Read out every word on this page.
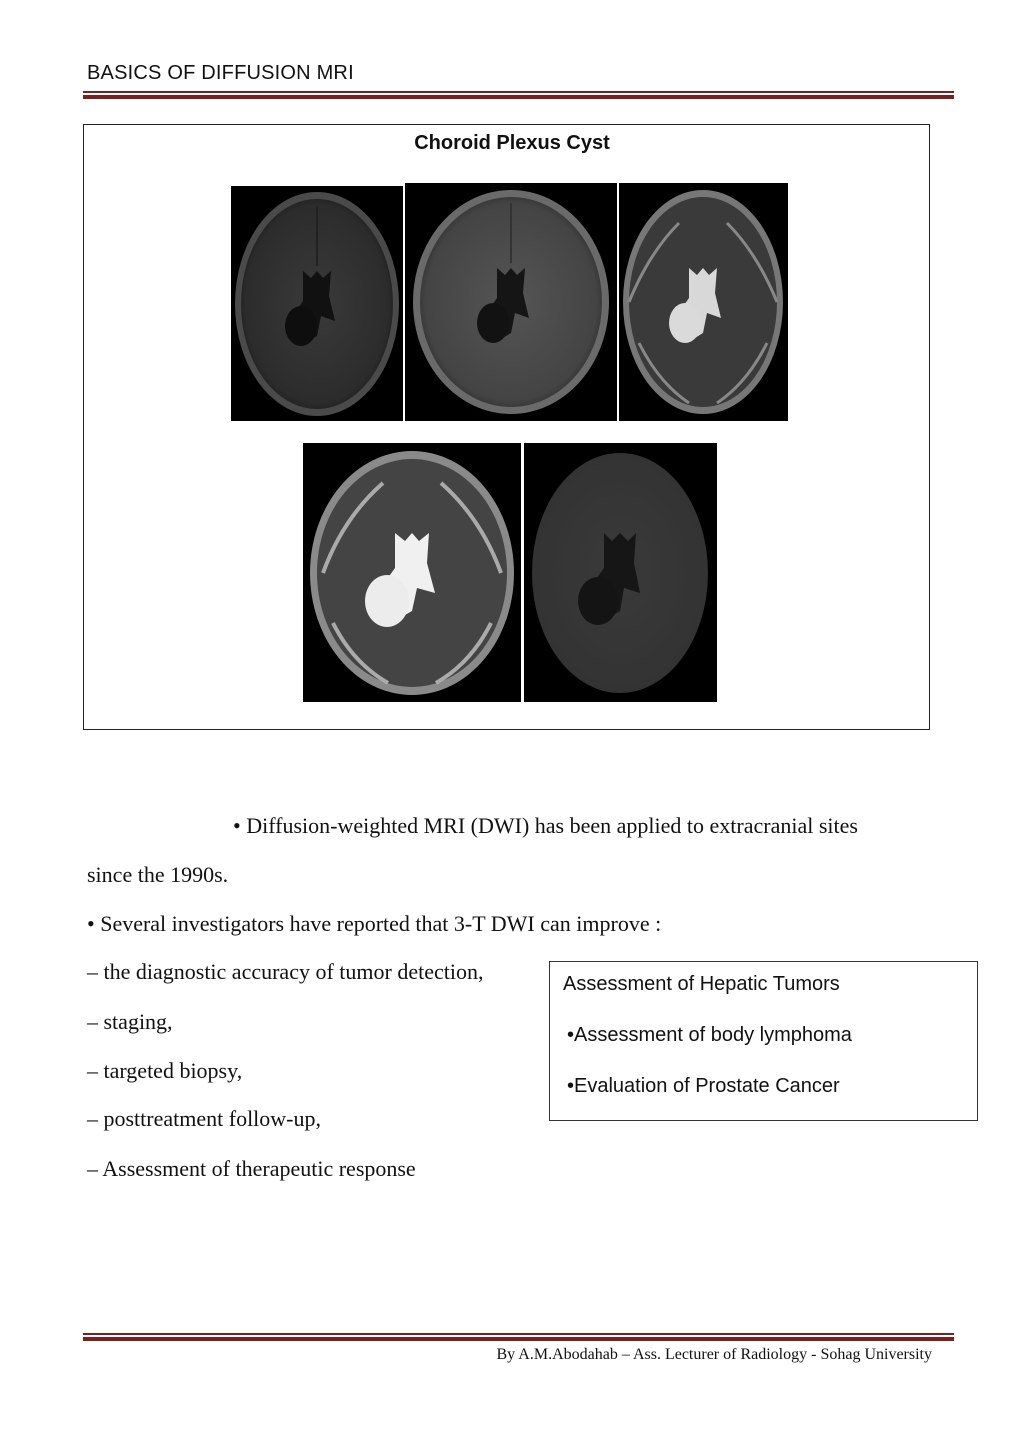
BASICS OF DIFFUSION MRI
Choroid Plexus Cyst
• Diffusion-weighted MRI (DWI) has been applied to extracranial sites
since the 1990s.
• Several investigators have reported that 3-T DWI can improve :
– the diagnostic accuracy of tumor detection,
– staging,
– targeted biopsy,
– posttreatment follow-up,
– Assessment of therapeutic response
Assessment of Hepatic Tumors
•Assessment of body lymphoma
•Evaluation of Prostate Cancer
By A.M.Abodahab – Ass. Lecturer of Radiology - Sohag University
